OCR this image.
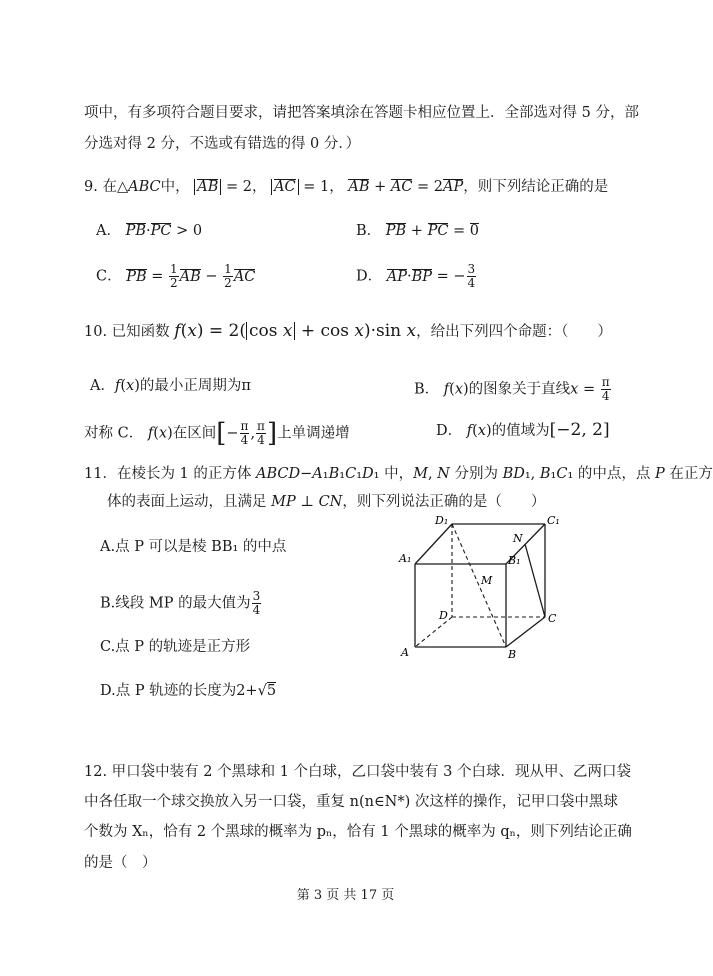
项中，有多项符合题目要求，请把答案填涂在答题卡相应位置上．全部选对得 5 分，部
分选对得 2 分，不选或有错选的得 0 分．）
9. 在△ABC中， AB = 2， AC = 1， AB + AC = 2AP，则下列结论正确的是
A． PB·PC > 0	B． PB + PC = 0
C． PB = $\frac{1}{2}$ AB − $\frac{1}{2}$ AC	D． AP·BP = − $\frac{3}{4}$
10. 已知函数 f(x) = 2( cos x + cos x)·sin x，给出下列四个命题：（　　）
A．f(x)的最小正周期为π	B． f(x)的图象关于直线$x = \frac{\pi}{4}$
对称 C． f(x)在区间[− $\frac{\pi}{4}$ , $\frac{\pi}{4}$ ]上单调递增	D． f(x)的值域为[−2, 2]
11．在棱长为 1 的正方体 ABCD−A₁B₁C₁D₁ 中，M, N 分别为 BD₁, B₁C₁ 的中点，点 P 在正方
体的表面上运动，且满足 MP ⊥ CN，则下列说法正确的是（　　）
A.点 P 可以是棱 BB₁ 的中点
B.线段 MP 的最大值为 $\frac{3}{4}$
C.点 P 的轨迹是正方形
D.点 P 轨迹的长度为2+√5
D₁	C₁
N
A₁	B₁
M
D	C
A	B
12. 甲口袋中装有 2 个黑球和 1 个白球，乙口袋中装有 3 个白球．现从甲、乙两口袋
中各任取一个球交换放入另一口袋，重复 n(n∈N*) 次这样的操作，记甲口袋中黑球
个数为 Xₙ，恰有 2 个黑球的概率为 pₙ，恰有 1 个黑球的概率为 qₙ，则下列结论正确
的是（　）
第 3 页 共 17 页
